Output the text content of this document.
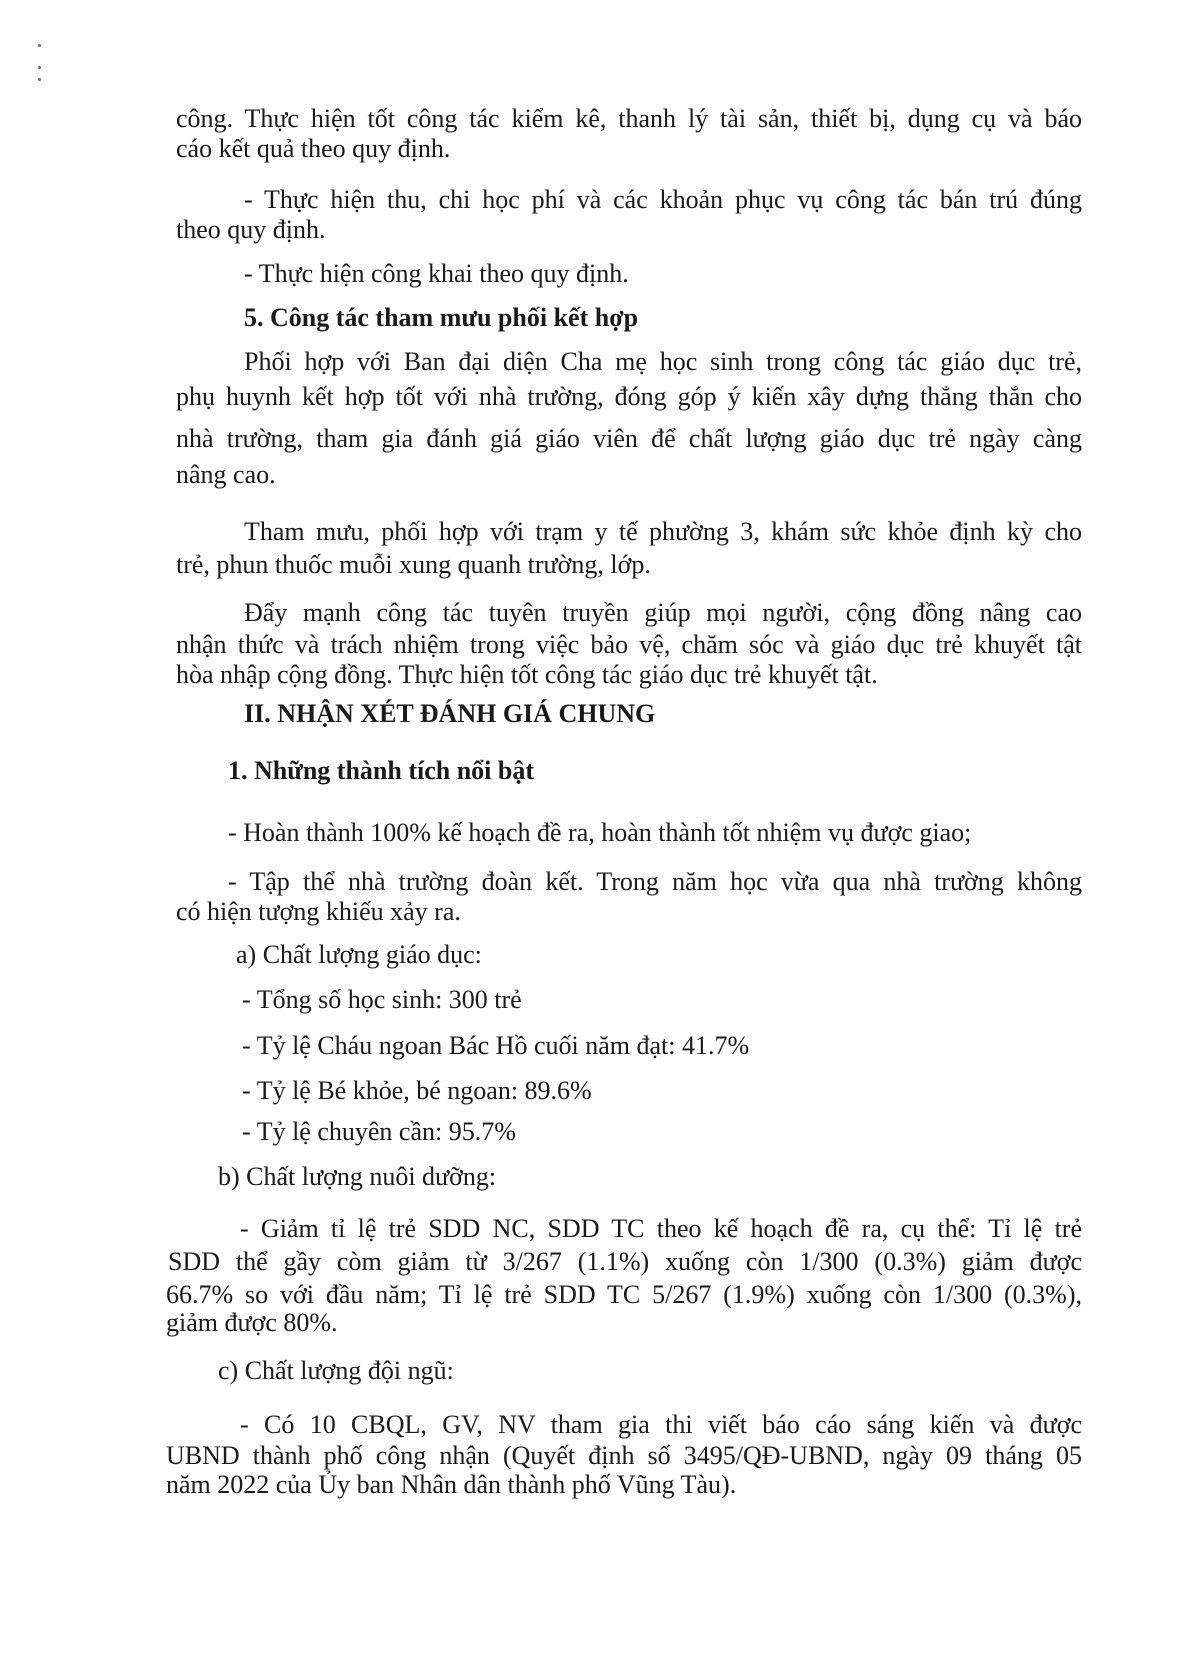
công. Thực hiện tốt công tác kiểm kê, thanh lý tài sản, thiết bị, dụng cụ và báo

cáo kết quả theo quy định.

- Thực hiện thu, chi học phí và các khoản phục vụ công tác bán trú đúng

theo quy định.

- Thực hiện công khai theo quy định.

5. Công tác tham mưu phối kết hợp

Phối hợp với Ban đại diện Cha mẹ học sinh trong công tác giáo dục trẻ,

phụ huynh kết hợp tốt với nhà trường, đóng góp ý kiến xây dựng thẳng thắn cho

nhà trường, tham gia đánh giá giáo viên để chất lượng giáo dục trẻ ngày càng

nâng cao.

Tham mưu, phối hợp với trạm y tế phường 3, khám sức khỏe định kỳ cho

trẻ, phun thuốc muỗi xung quanh trường, lớp.

Đẩy mạnh công tác tuyên truyền giúp mọi người, cộng đồng nâng cao

nhận thức và trách nhiệm trong việc bảo vệ, chăm sóc và giáo dục trẻ khuyết tật

hòa nhập cộng đồng. Thực hiện tốt công tác giáo dục trẻ khuyết tật.

II. NHẬN XÉT ĐÁNH GIÁ CHUNG

1. Những thành tích nổi bật

- Hoàn thành 100% kế hoạch đề ra, hoàn thành tốt nhiệm vụ được giao;

- Tập thể nhà trường đoàn kết. Trong năm học vừa qua nhà trường không

có hiện tượng khiếu xảy ra.

a) Chất lượng giáo dục:

- Tổng số học sinh: 300 trẻ

- Tỷ lệ Cháu ngoan Bác Hồ cuối năm đạt: 41.7%

- Tỷ lệ Bé khỏe, bé ngoan: 89.6%

- Tỷ lệ chuyên cần: 95.7%

b) Chất lượng nuôi dưỡng:

- Giảm tỉ lệ trẻ SDD NC, SDD TC theo kế hoạch đề ra, cụ thể: Tỉ lệ trẻ

SDD thể gầy còm giảm từ 3/267 (1.1%) xuống còn 1/300 (0.3%) giảm được

66.7% so với đầu năm; Tỉ lệ trẻ SDD TC 5/267 (1.9%) xuống còn 1/300 (0.3%),

giảm được 80%.

c) Chất lượng đội ngũ:

- Có 10 CBQL, GV, NV tham gia thi viết báo cáo sáng kiến và được

UBND thành phố công nhận (Quyết định số 3495/QĐ-UBND, ngày 09 tháng 05

năm 2022 của Ủy ban Nhân dân thành phố Vũng Tàu).
